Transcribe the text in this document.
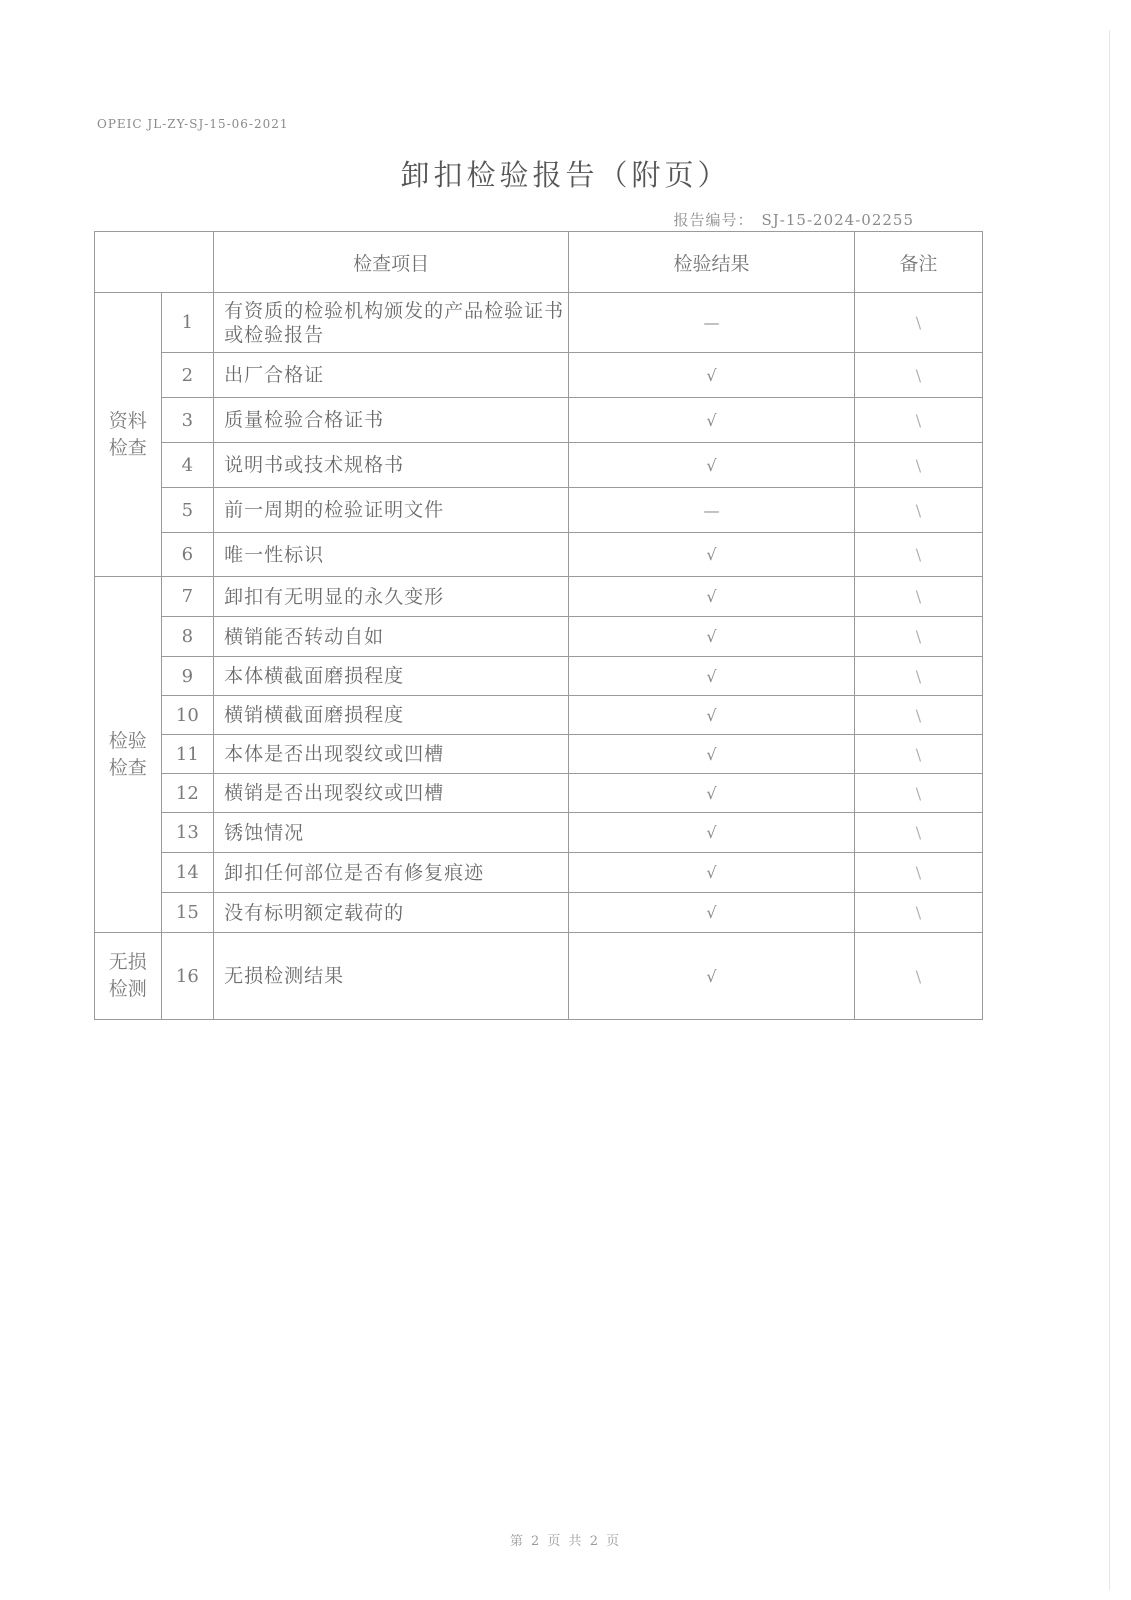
OPEIC JL-ZY-SJ-15-06-2021
卸扣检验报告（附页）
报告编号： SJ-15-2024-02255
		检查项目	检验结果	备注
资料检查	1	有资质的检验机构颁发的产品检验证书或检验报告	—	\
	2	出厂合格证	√	\
	3	质量检验合格证书	√	\
	4	说明书或技术规格书	√	\
	5	前一周期的检验证明文件	—	\
	6	唯一性标识	√	\
检验检查	7	卸扣有无明显的永久变形	√	\
	8	横销能否转动自如	√	\
	9	本体横截面磨损程度	√	\
	10	横销横截面磨损程度	√	\
	11	本体是否出现裂纹或凹槽	√	\
	12	横销是否出现裂纹或凹槽	√	\
	13	锈蚀情况	√	\
	14	卸扣任何部位是否有修复痕迹	√	\
	15	没有标明额定载荷的	√	\
无损检测	16	无损检测结果	√	\
第 2 页 共 2 页
